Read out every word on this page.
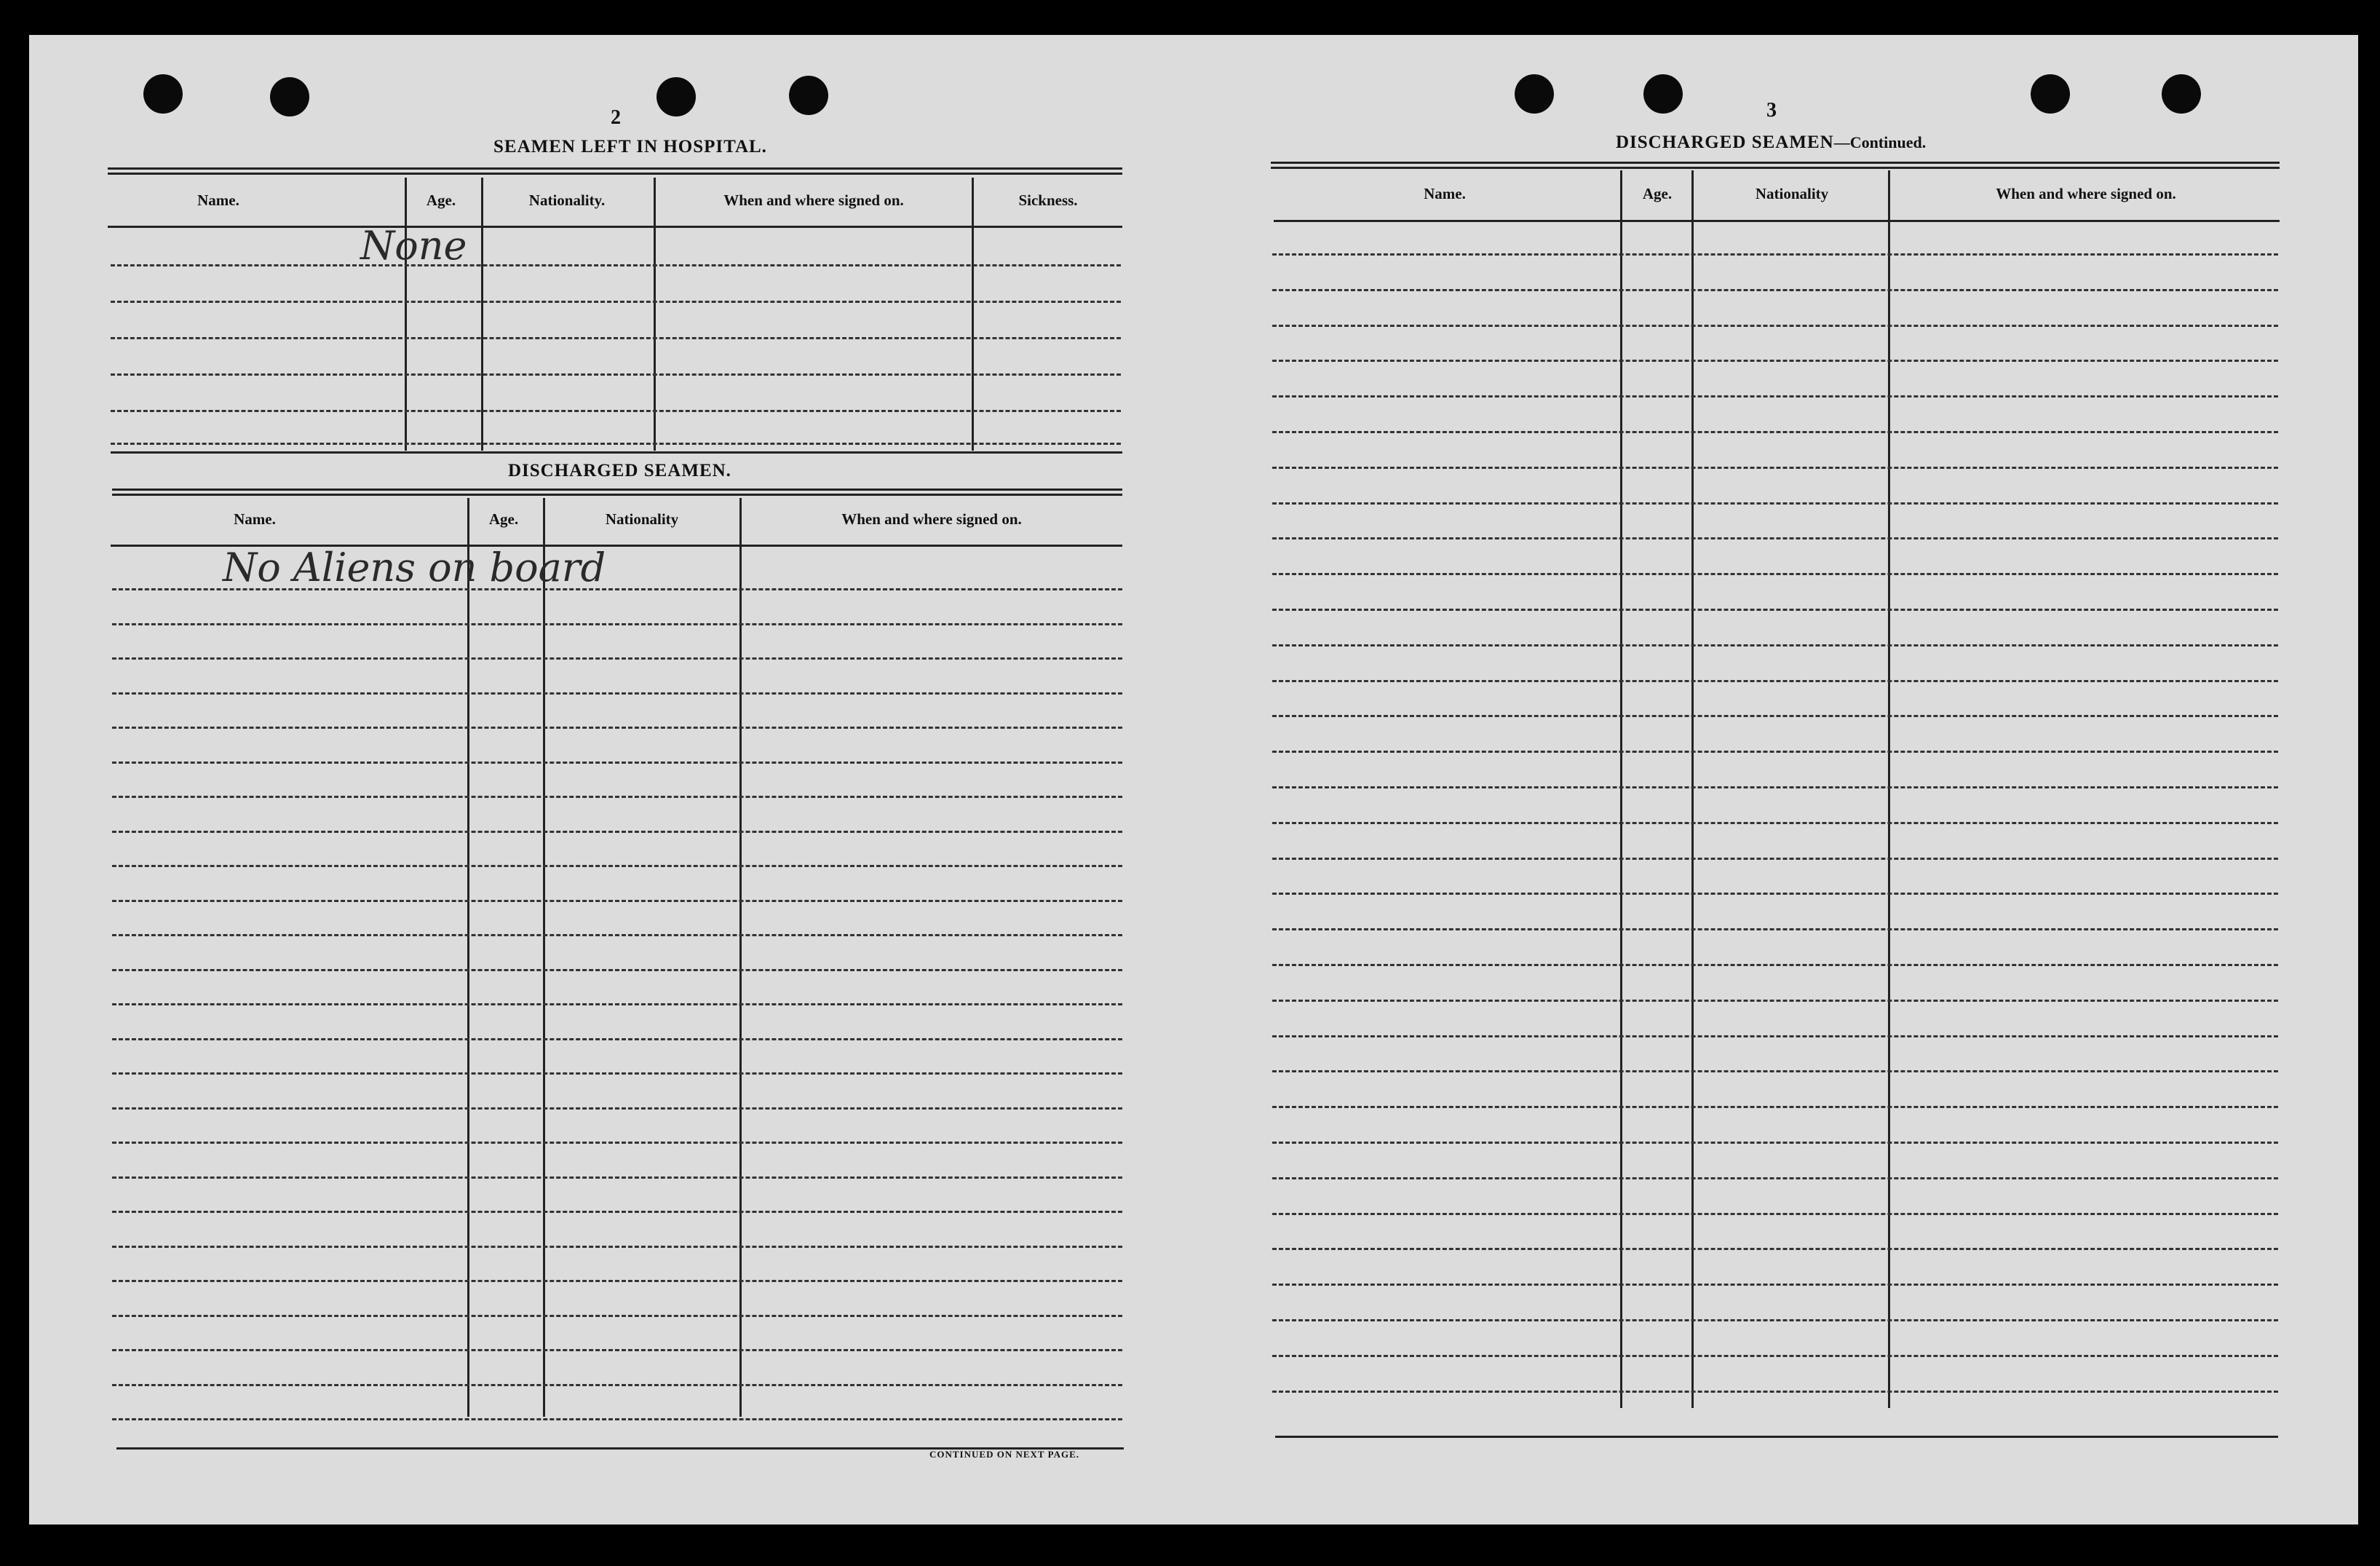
2
SEAMEN LEFT IN HOSPITAL.
Name.	Age.	Nationality.	When and where signed on.	Sickness.
None
DISCHARGED SEAMEN.
Name.	Age.	Nationality	When and where signed on.
No Aliens on board
CONTINUED ON NEXT PAGE.
3
DISCHARGED SEAMEN—Continued.
Name.	Age.	Nationality	When and where signed on.
